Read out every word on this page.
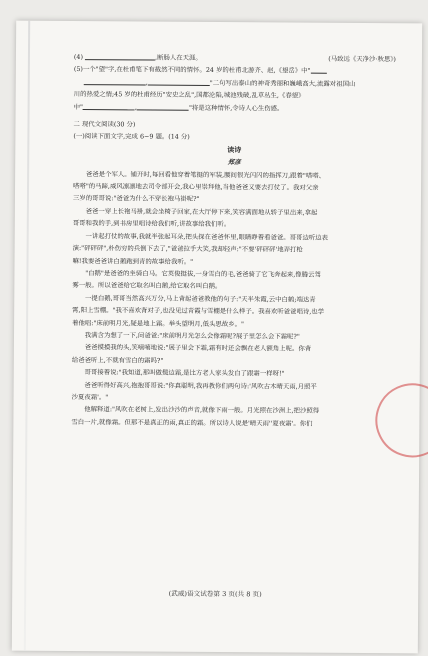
(4)	,断肠人在天涯。	(马致远《天净沙·秋思》)
(5)一个"望"字,在杜甫笔下有截然不同的情怀。24 岁的杜甫北游齐、赵,《望岳》中"
,	"二句写出泰山的神奇秀丽和巍峨高大,流露对祖国山
川的热爱之情;45 岁的杜甫经历"安史之乱",国都沦陷,城池残破,乱草丛生,《春望》
中"	,	"将是这种情怀,令诗人心生伤感。
二 现代文阅读(30 分)
(一)阅读下面文字,完成 6~9 题。(14 分)
读诗
郑彦
　　爸爸是个军人。铺开时,每回看他穿着笔挺的军装,腰间很光闪闪的指挥刀,跟着"嗒嗒、
嗒嗒"的马蹄,威风凛凛地去司令部开会,我心里崇拜他,当他爸爸又要去打仗了。我对父亲
三岁的哥哥说:"爸爸为什么不穿长袍马褂呢?"
　　爸爸一穿上长袍马褂,就会坐椅子回家,在大厅停下来,笑容满面地从轿子里出来,拿起
哥哥和我的手,到书房里唱诗给我们听,讲故事给我们听。
　　一讲起打仗的故事,我就半张起耳朵,把头探在爸爸怀里,眼睛睁着看爸爸。哥哥边听边表
演:"砰砰砰",朴伤穷的兵倒下去了,"爸爸拉手大笑,我却轻声:"不要'砰砰砰'地弄打枪
嘛!我要爸爸讲白鹅跑到青的故事给我听。"
　　"白鹅"是爸爸的坐骑白马。它英俊挺拔,一身雪白的毛,爸爸骑了它飞奔起来,像腾云驾
雾一般。所以爸爸给它取名叫白鹅,给它取名叫白鹅。
　　一提白鹅,哥哥当然高兴万分,马上背起爸爸教他的句子:"天半朱霞,云中白鹤;端达青
霄,阳上雪棚。"我不喜欢背对子,也没见过青霞与雪棚是什么样子。我喜欢听爸爸唱诗,也学
着他唱:"床前明月光,疑是地上霜。举头望明月,低头思故乡。"
　　我满含为想了一下,问爸爸:"床前明月光怎么会像霜呢?展子里怎么会下霜呢?"
　　爸爸摸摸我的头,笑嘻嘻地说:"展子里会下霜,霜有时还会飘在老人额角上呢。你背
给爸爸听上,不就有雪白的霜吗?"
　　哥哥接着说:"我知道,那叫做鬓边霜,是比方老人家头发白了跟霜一样呀!"
　　爸爸听得好高兴,抱抱哥哥说:"你真聪明,我再教你们两句诗:'风吹古木晴天雨,月照平
沙夏夜霜'。"
　　他解释道:"风吹在老树上,发出沙沙的声音,就像下雨一般。月光照在沙洲上,把沙照得
雪白一片,就像霜。但那不是真正的雨,真正的霜。所以诗人说是'晴天雨''夏夜霜'。你们
(武威)语文试卷第 3 页(共 8 页)
